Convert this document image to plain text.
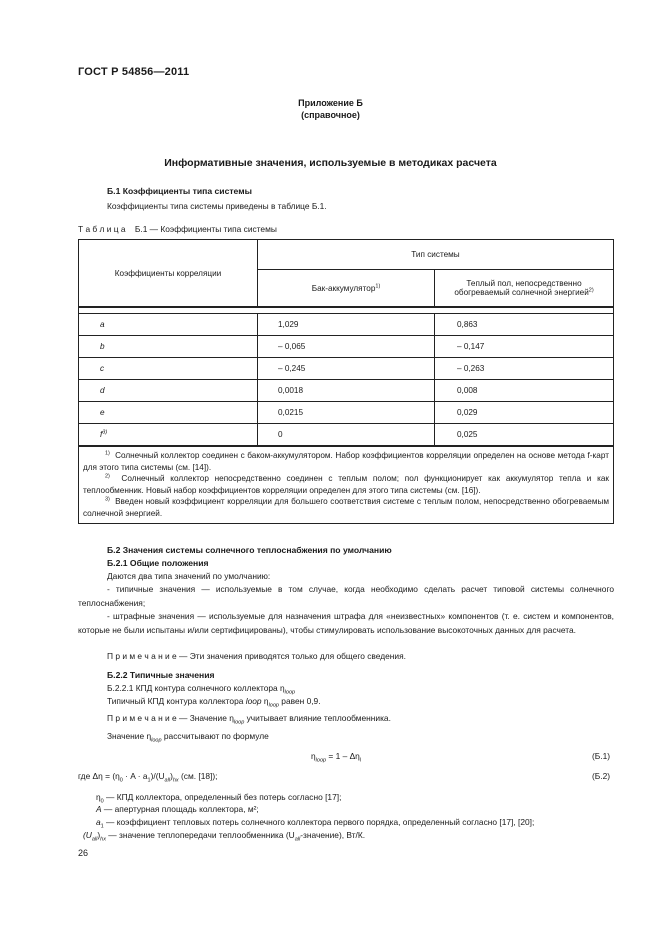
ГОСТ Р 54856—2011
Приложение Б
(справочное)
Информативные значения, используемые в методиках расчета
Б.1 Коэффициенты типа системы
Коэффициенты типа системы приведены в таблице Б.1.
Т а б л и ц а Б.1 — Коэффициенты типа системы
Коэффициенты корреляции	Тип системы	
	Бак-аккумулятор$^{1)}$	Теплый пол, непосредственно
обогреваемый солнечной энергией$^{2)}$

a	1,029	0,863
b	– 0,065	– 0,147
c	– 0,245	– 0,263
d	0,0018	0,008
e	0,0215	0,029
$f^{3)}$	0	0,025

$^{1)}$ Солнечный коллектор соединен с баком-аккумулятором. Набор коэффициентов корреляции определен на основе метода f-карт для этого типа системы (см. [14]).
$^{2)}$ Солнечный коллектор непосредственно соединен с теплым полом; пол функционирует как аккумулятор тепла и как теплообменник. Новый набор коэффициентов корреляции определен для этого типа системы (см. [16]).
$^{3)}$ Введен новый коэффициент корреляции для большего соответствия системе с теплым полом, непосредственно обогреваемым солнечной энергией.		
Б.2 Значения системы солнечного теплоснабжения по умолчанию
Б.2.1 Общие положения
Даются два типа значений по умолчанию:
- типичные значения — используемые в том случае, когда необходимо сделать расчет типовой системы солнечного теплоснабжения;
- штрафные значения — используемые для назначения штрафа для «неизвестных» компонентов (т. е. систем и компонентов, которые не были испытаны и/или сертифицированы), чтобы стимулировать использование высокоточных данных для расчета.
П р и м е ч а н и е — Эти значения приводятся только для общего сведения.
Б.2.2 Типичные значения
Б.2.2.1 КПД контура солнечного коллектора $\eta_{loop}$
Типичный КПД контура коллектора loop $\eta_{loop}$ равен 0,9.
П р и м е ч а н и е — Значение $\eta_{loop}$ учитывает влияние теплообменника.
Значение $\eta_{loop}$ рассчитывают по формуле
$\eta_{loop} = 1 - \Delta\eta_l$	(Б.1)
где $\Delta\eta = (\eta_0 \cdot A \cdot a_1)/(U_{all})_{hx}$ (см. [18]);	(Б.2)
$\eta_0$ — КПД коллектора, определенный без потерь согласно [17];
A — апертурная площадь коллектора, м²;
$a_1$ — коэффициент тепловых потерь солнечного коллектора первого порядка, определенный согласно [17], [20];
$(U_{all})_{hx}$ — значение теплопередачи теплообменника $(U_{all}-значение)$, Вт/К.
26
